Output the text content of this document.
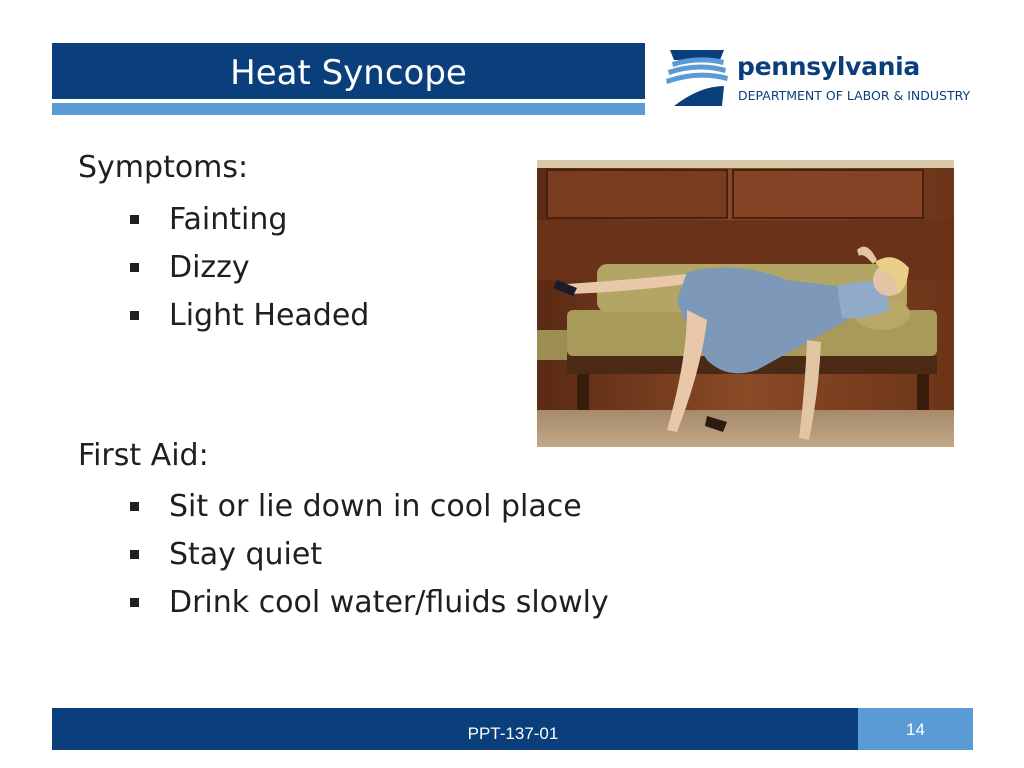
Heat Syncope	pennsylvania
DEPARTMENT OF LABOR & INDUSTRY
Symptoms:
Fainting
Dizzy
Light Headed
First Aid:
Sit or lie down in cool place
Stay quiet
Drink cool water/fluids slowly
PPT-137-01	14
